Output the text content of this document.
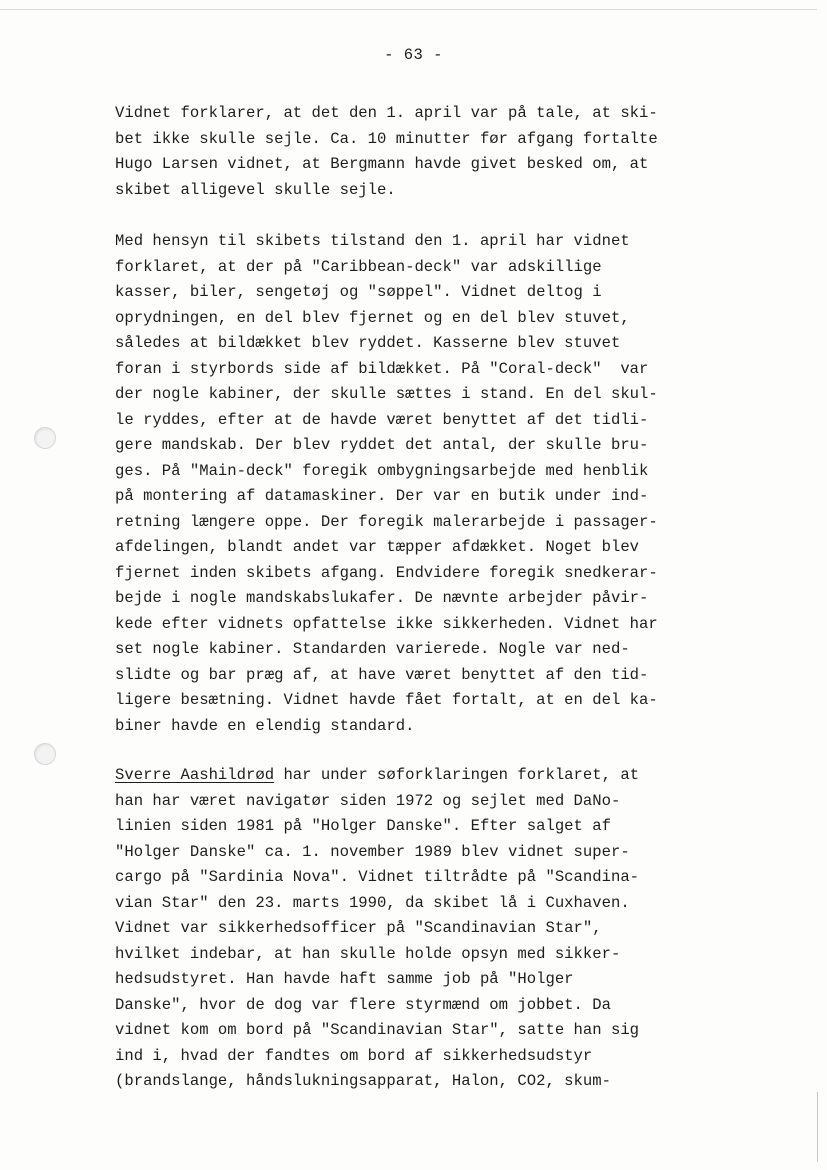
- 63 -
Vidnet forklarer, at det den 1. april var på tale, at ski-
bet ikke skulle sejle. Ca. 10 minutter før afgang fortalte
Hugo Larsen vidnet, at Bergmann havde givet besked om, at
skibet alligevel skulle sejle.
Med hensyn til skibets tilstand den 1. april har vidnet
forklaret, at der på "Caribbean-deck" var adskillige
kasser, biler, sengetøj og "søppel". Vidnet deltog i
oprydningen, en del blev fjernet og en del blev stuvet,
således at bildækket blev ryddet. Kasserne blev stuvet
foran i styrbords side af bildækket. På "Coral-deck"  var
der nogle kabiner, der skulle sættes i stand. En del skul-
le ryddes, efter at de havde været benyttet af det tidli-
gere mandskab. Der blev ryddet det antal, der skulle bru-
ges. På "Main-deck" foregik ombygningsarbejde med henblik
på montering af datamaskiner. Der var en butik under ind-
retning længere oppe. Der foregik malerarbejde i passager-
afdelingen, blandt andet var tæpper afdækket. Noget blev
fjernet inden skibets afgang. Endvidere foregik snedkerar-
bejde i nogle mandskabslukafer. De nævnte arbejder påvir-
kede efter vidnets opfattelse ikke sikkerheden. Vidnet har
set nogle kabiner. Standarden varierede. Nogle var ned-
slidte og bar præg af, at have været benyttet af den tid-
ligere besætning. Vidnet havde fået fortalt, at en del ka-
biner havde en elendig standard.
Sverre Aashildrød har under søforklaringen forklaret, at
han har været navigatør siden 1972 og sejlet med DaNo-
linien siden 1981 på "Holger Danske". Efter salget af
"Holger Danske" ca. 1. november 1989 blev vidnet super-
cargo på "Sardinia Nova". Vidnet tiltrådte på "Scandina-
vian Star" den 23. marts 1990, da skibet lå i Cuxhaven.
Vidnet var sikkerhedsofficer på "Scandinavian Star",
hvilket indebar, at han skulle holde opsyn med sikker-
hedsudstyret. Han havde haft samme job på "Holger
Danske", hvor de dog var flere styrmænd om jobbet. Da
vidnet kom om bord på "Scandinavian Star", satte han sig
ind i, hvad der fandtes om bord af sikkerhedsudstyr
(brandslange, håndslukningsapparat, Halon, CO2, skum-
